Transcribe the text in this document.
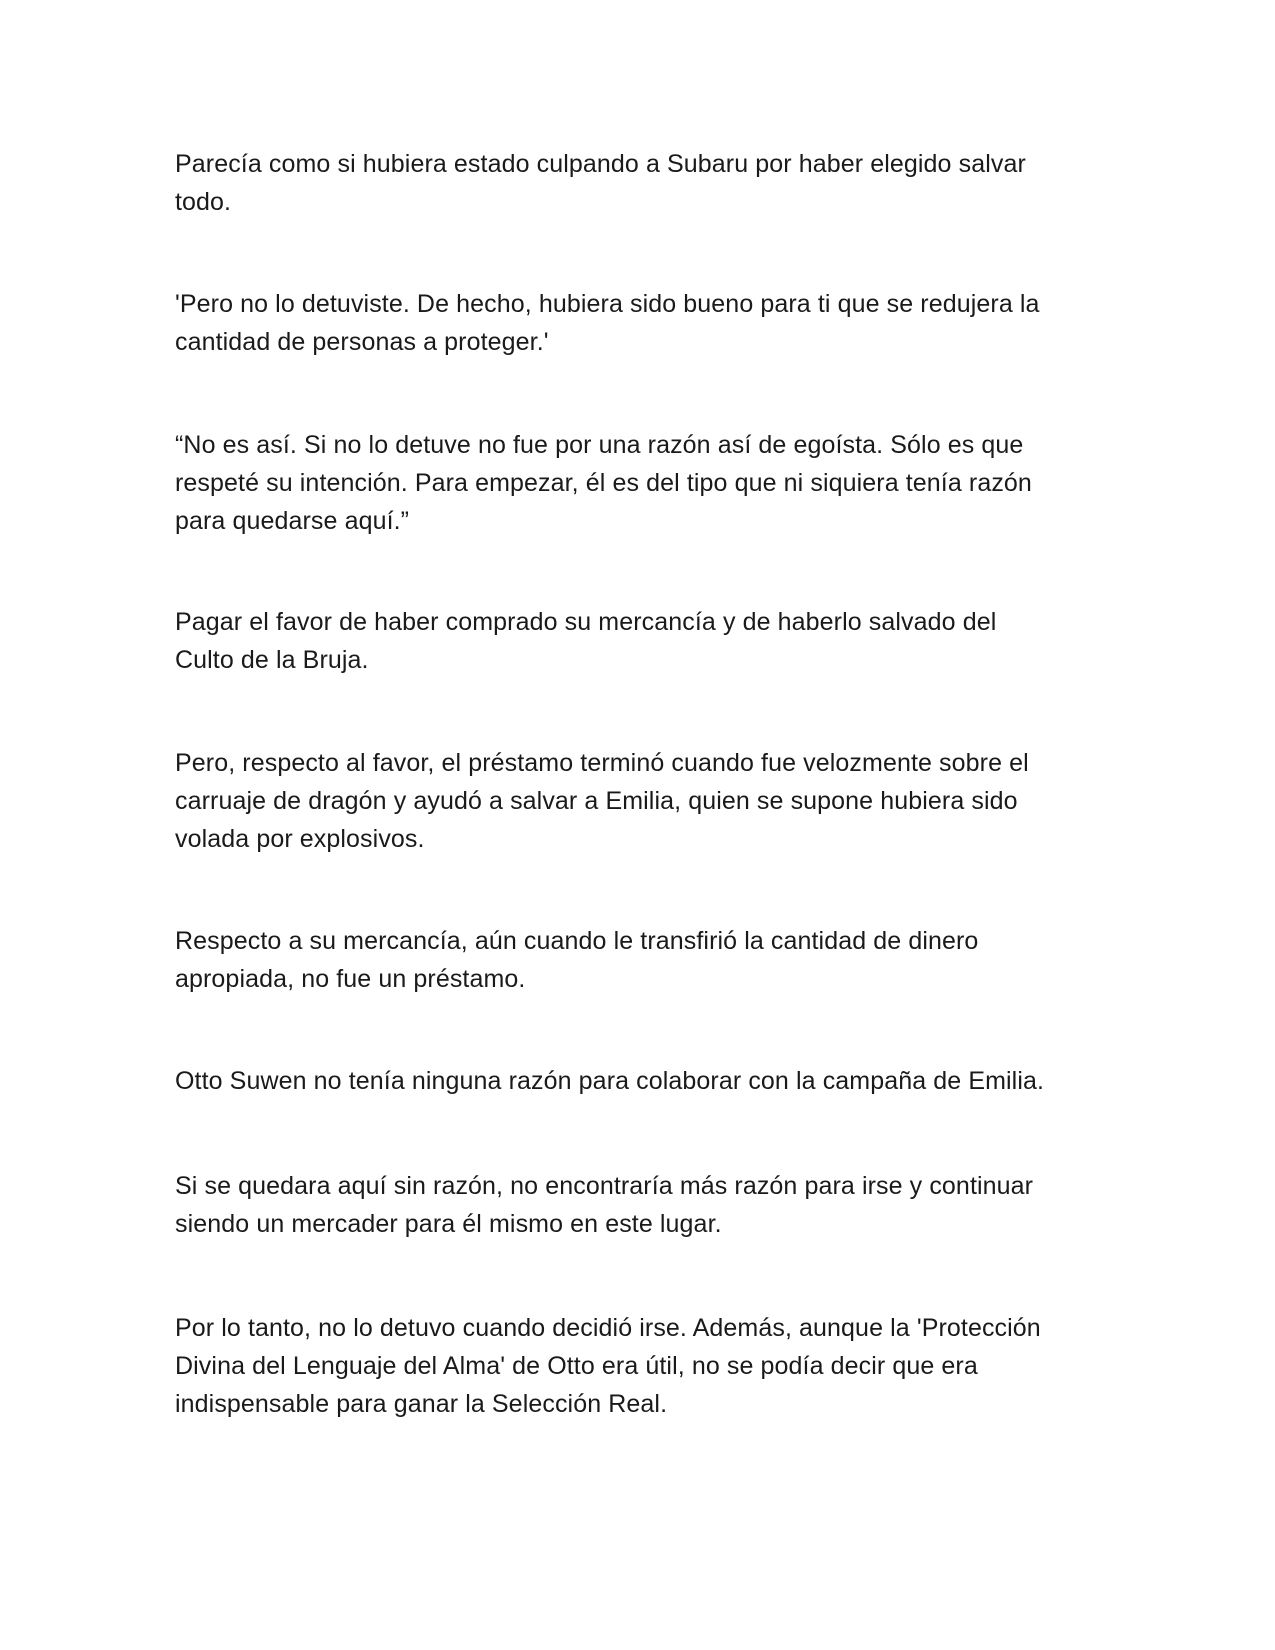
Parecía como si hubiera estado culpando a Subaru por haber elegido salvar
todo.

'Pero no lo detuviste. De hecho, hubiera sido bueno para ti que se redujera la
cantidad de personas a proteger.'

“No es así. Si no lo detuve no fue por una razón así de egoísta. Sólo es que
respeté su intención. Para empezar, él es del tipo que ni siquiera tenía razón
para quedarse aquí.”

Pagar el favor de haber comprado su mercancía y de haberlo salvado del
Culto de la Bruja.

Pero, respecto al favor, el préstamo terminó cuando fue velozmente sobre el
carruaje de dragón y ayudó a salvar a Emilia, quien se supone hubiera sido
volada por explosivos.

Respecto a su mercancía, aún cuando le transfirió la cantidad de dinero
apropiada, no fue un préstamo.

Otto Suwen no tenía ninguna razón para colaborar con la campaña de Emilia.

Si se quedara aquí sin razón, no encontraría más razón para irse y continuar
siendo un mercader para él mismo en este lugar.

Por lo tanto, no lo detuvo cuando decidió irse. Además, aunque la 'Protección
Divina del Lenguaje del Alma' de Otto era útil, no se podía decir que era
indispensable para ganar la Selección Real.
